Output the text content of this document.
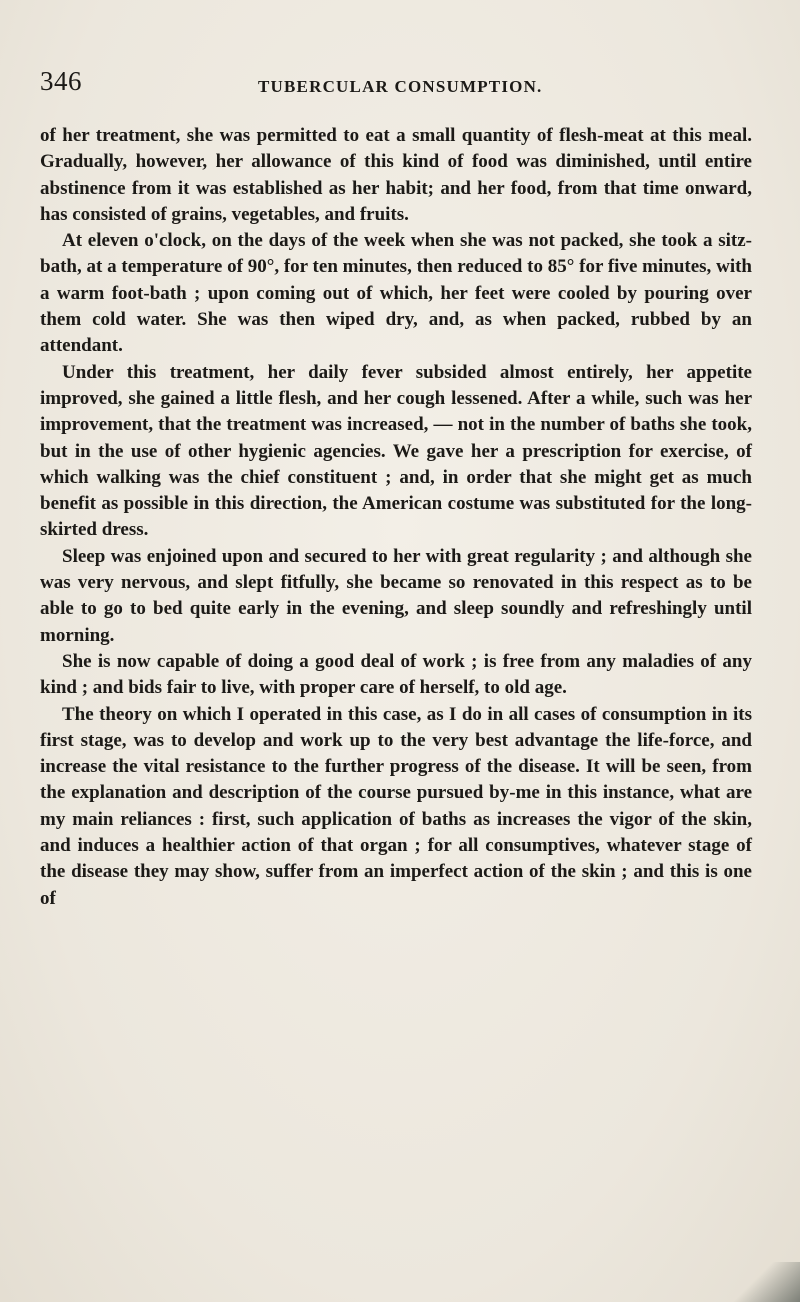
346	TUBERCULAR CONSUMPTION.

of her treatment, she was permitted to eat a small quantity of flesh-meat at this meal. Gradually, however, her allowance of this kind of food was diminished, until entire abstinence from it was established as her habit; and her food, from that time onward, has consisted of grains, vegetables, and fruits.

At eleven o'clock, on the days of the week when she was not packed, she took a sitz-bath, at a temperature of 90°, for ten minutes, then reduced to 85° for five minutes, with a warm foot-bath ; upon coming out of which, her feet were cooled by pouring over them cold water. She was then wiped dry, and, as when packed, rubbed by an attendant.

Under this treatment, her daily fever subsided almost entirely, her appetite improved, she gained a little flesh, and her cough lessened. After a while, such was her improvement, that the treatment was increased, — not in the number of baths she took, but in the use of other hygienic agencies. We gave her a prescription for exercise, of which walking was the chief constituent ; and, in order that she might get as much benefit as possible in this direction, the American costume was substituted for the long-skirted dress.

Sleep was enjoined upon and secured to her with great regularity ; and although she was very nervous, and slept fitfully, she became so renovated in this respect as to be able to go to bed quite early in the evening, and sleep soundly and refreshingly until morning.

She is now capable of doing a good deal of work ; is free from any maladies of any kind ; and bids fair to live, with proper care of herself, to old age.

The theory on which I operated in this case, as I do in all cases of consumption in its first stage, was to develop and work up to the very best advantage the life-force, and increase the vital resistance to the further progress of the disease. It will be seen, from the explanation and description of the course pursued by-me in this instance, what are my main reliances : first, such application of baths as increases the vigor of the skin, and induces a healthier action of that organ ; for all consumptives, whatever stage of the disease they may show, suffer from an imperfect action of the skin ; and this is one of
